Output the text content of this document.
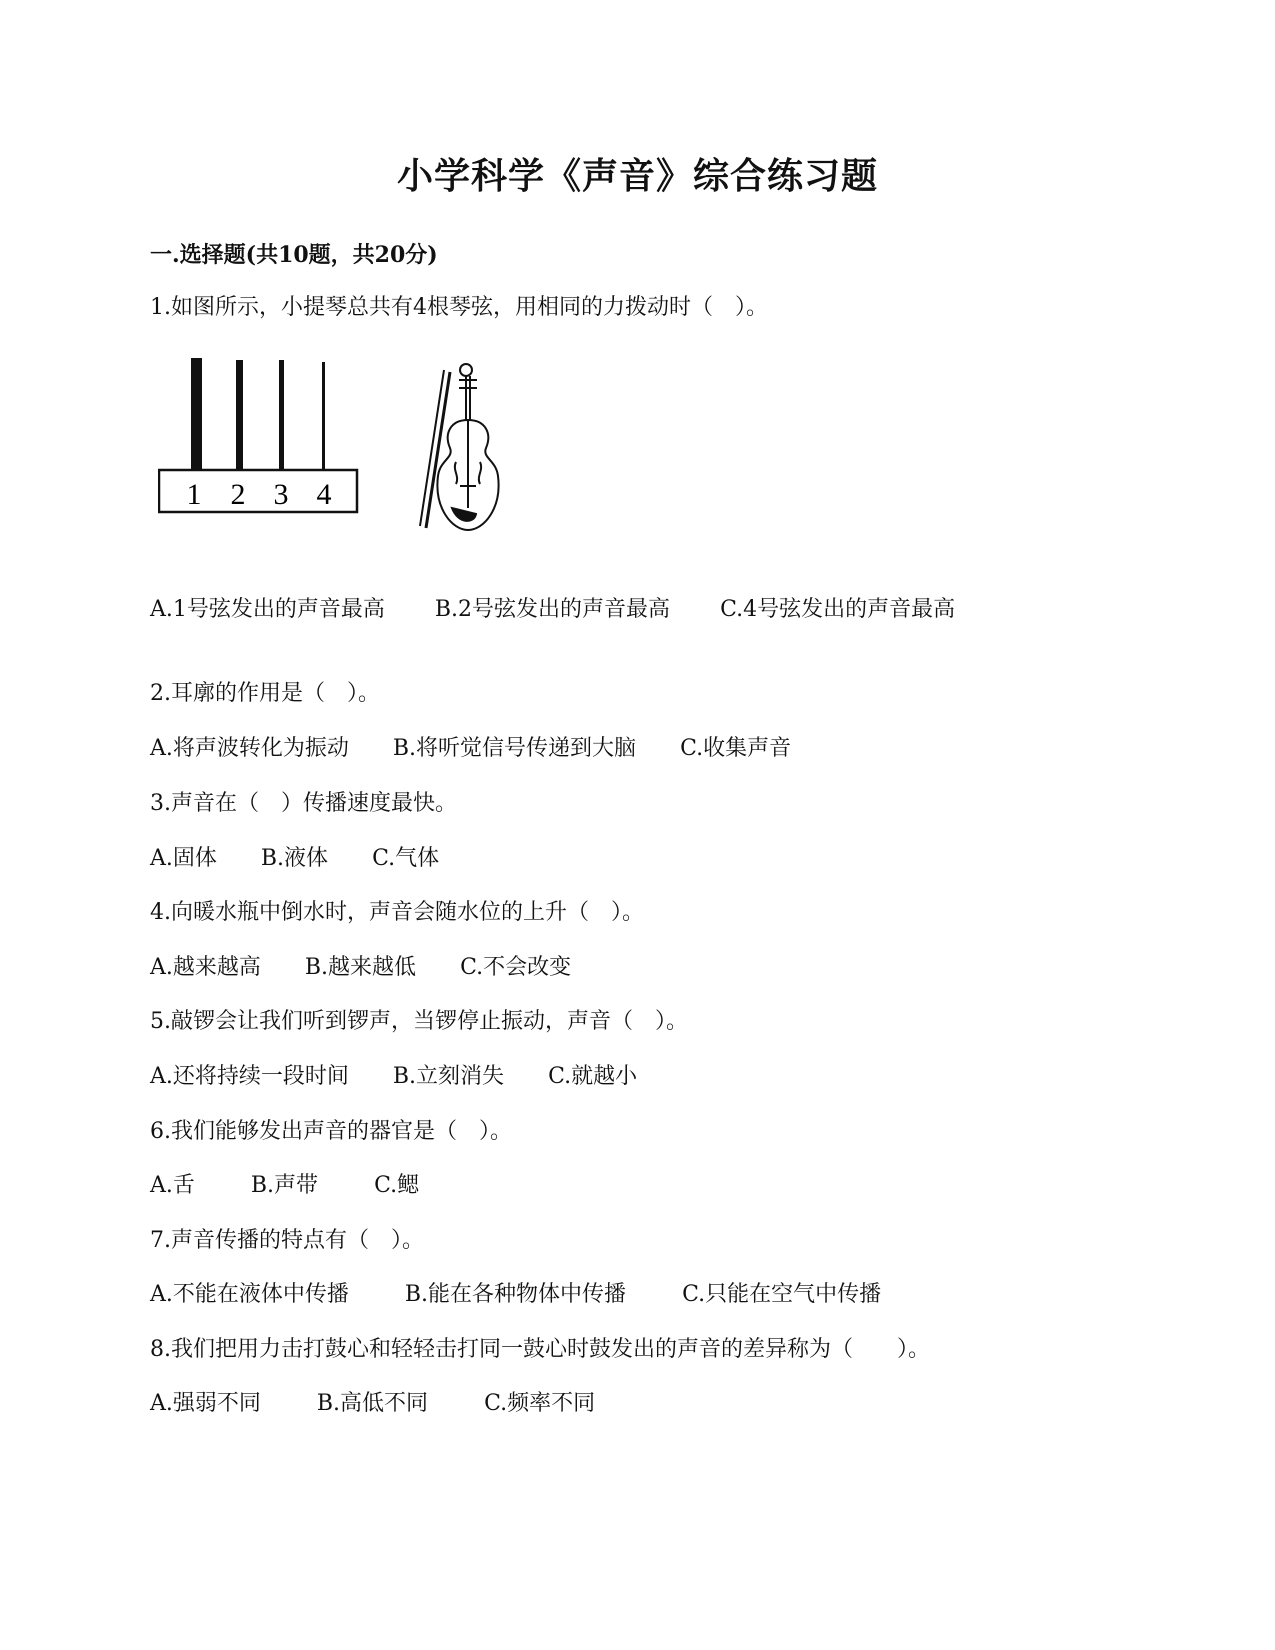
小学科学《声音》综合练习题
一.选择题(共10题，共20分)
1.如图所示，小提琴总共有4根琴弦，用相同的力拨动时（　）。
1 2 3 4
A.1号弦发出的声音最高 B.2号弦发出的声音最高 C.4号弦发出的声音最高
2.耳廓的作用是（　）。
A.将声波转化为振动 B.将听觉信号传递到大脑 C.收集声音
3.声音在（　）传播速度最快。
A.固体 B.液体 C.气体
4.向暖水瓶中倒水时，声音会随水位的上升（　）。
A.越来越高 B.越来越低 C.不会改变
5.敲锣会让我们听到锣声，当锣停止振动，声音（　）。
A.还将持续一段时间 B.立刻消失 C.就越小
6.我们能够发出声音的器官是（　）。
A.舌	B.声带	C.鳃
7.声音传播的特点有（　）。
A.不能在液体中传播	B.能在各种物体中传播	C.只能在空气中传播
8.我们把用力击打鼓心和轻轻击打同一鼓心时鼓发出的声音的差异称为（　　）。
A.强弱不同	B.高低不同	C.频率不同
